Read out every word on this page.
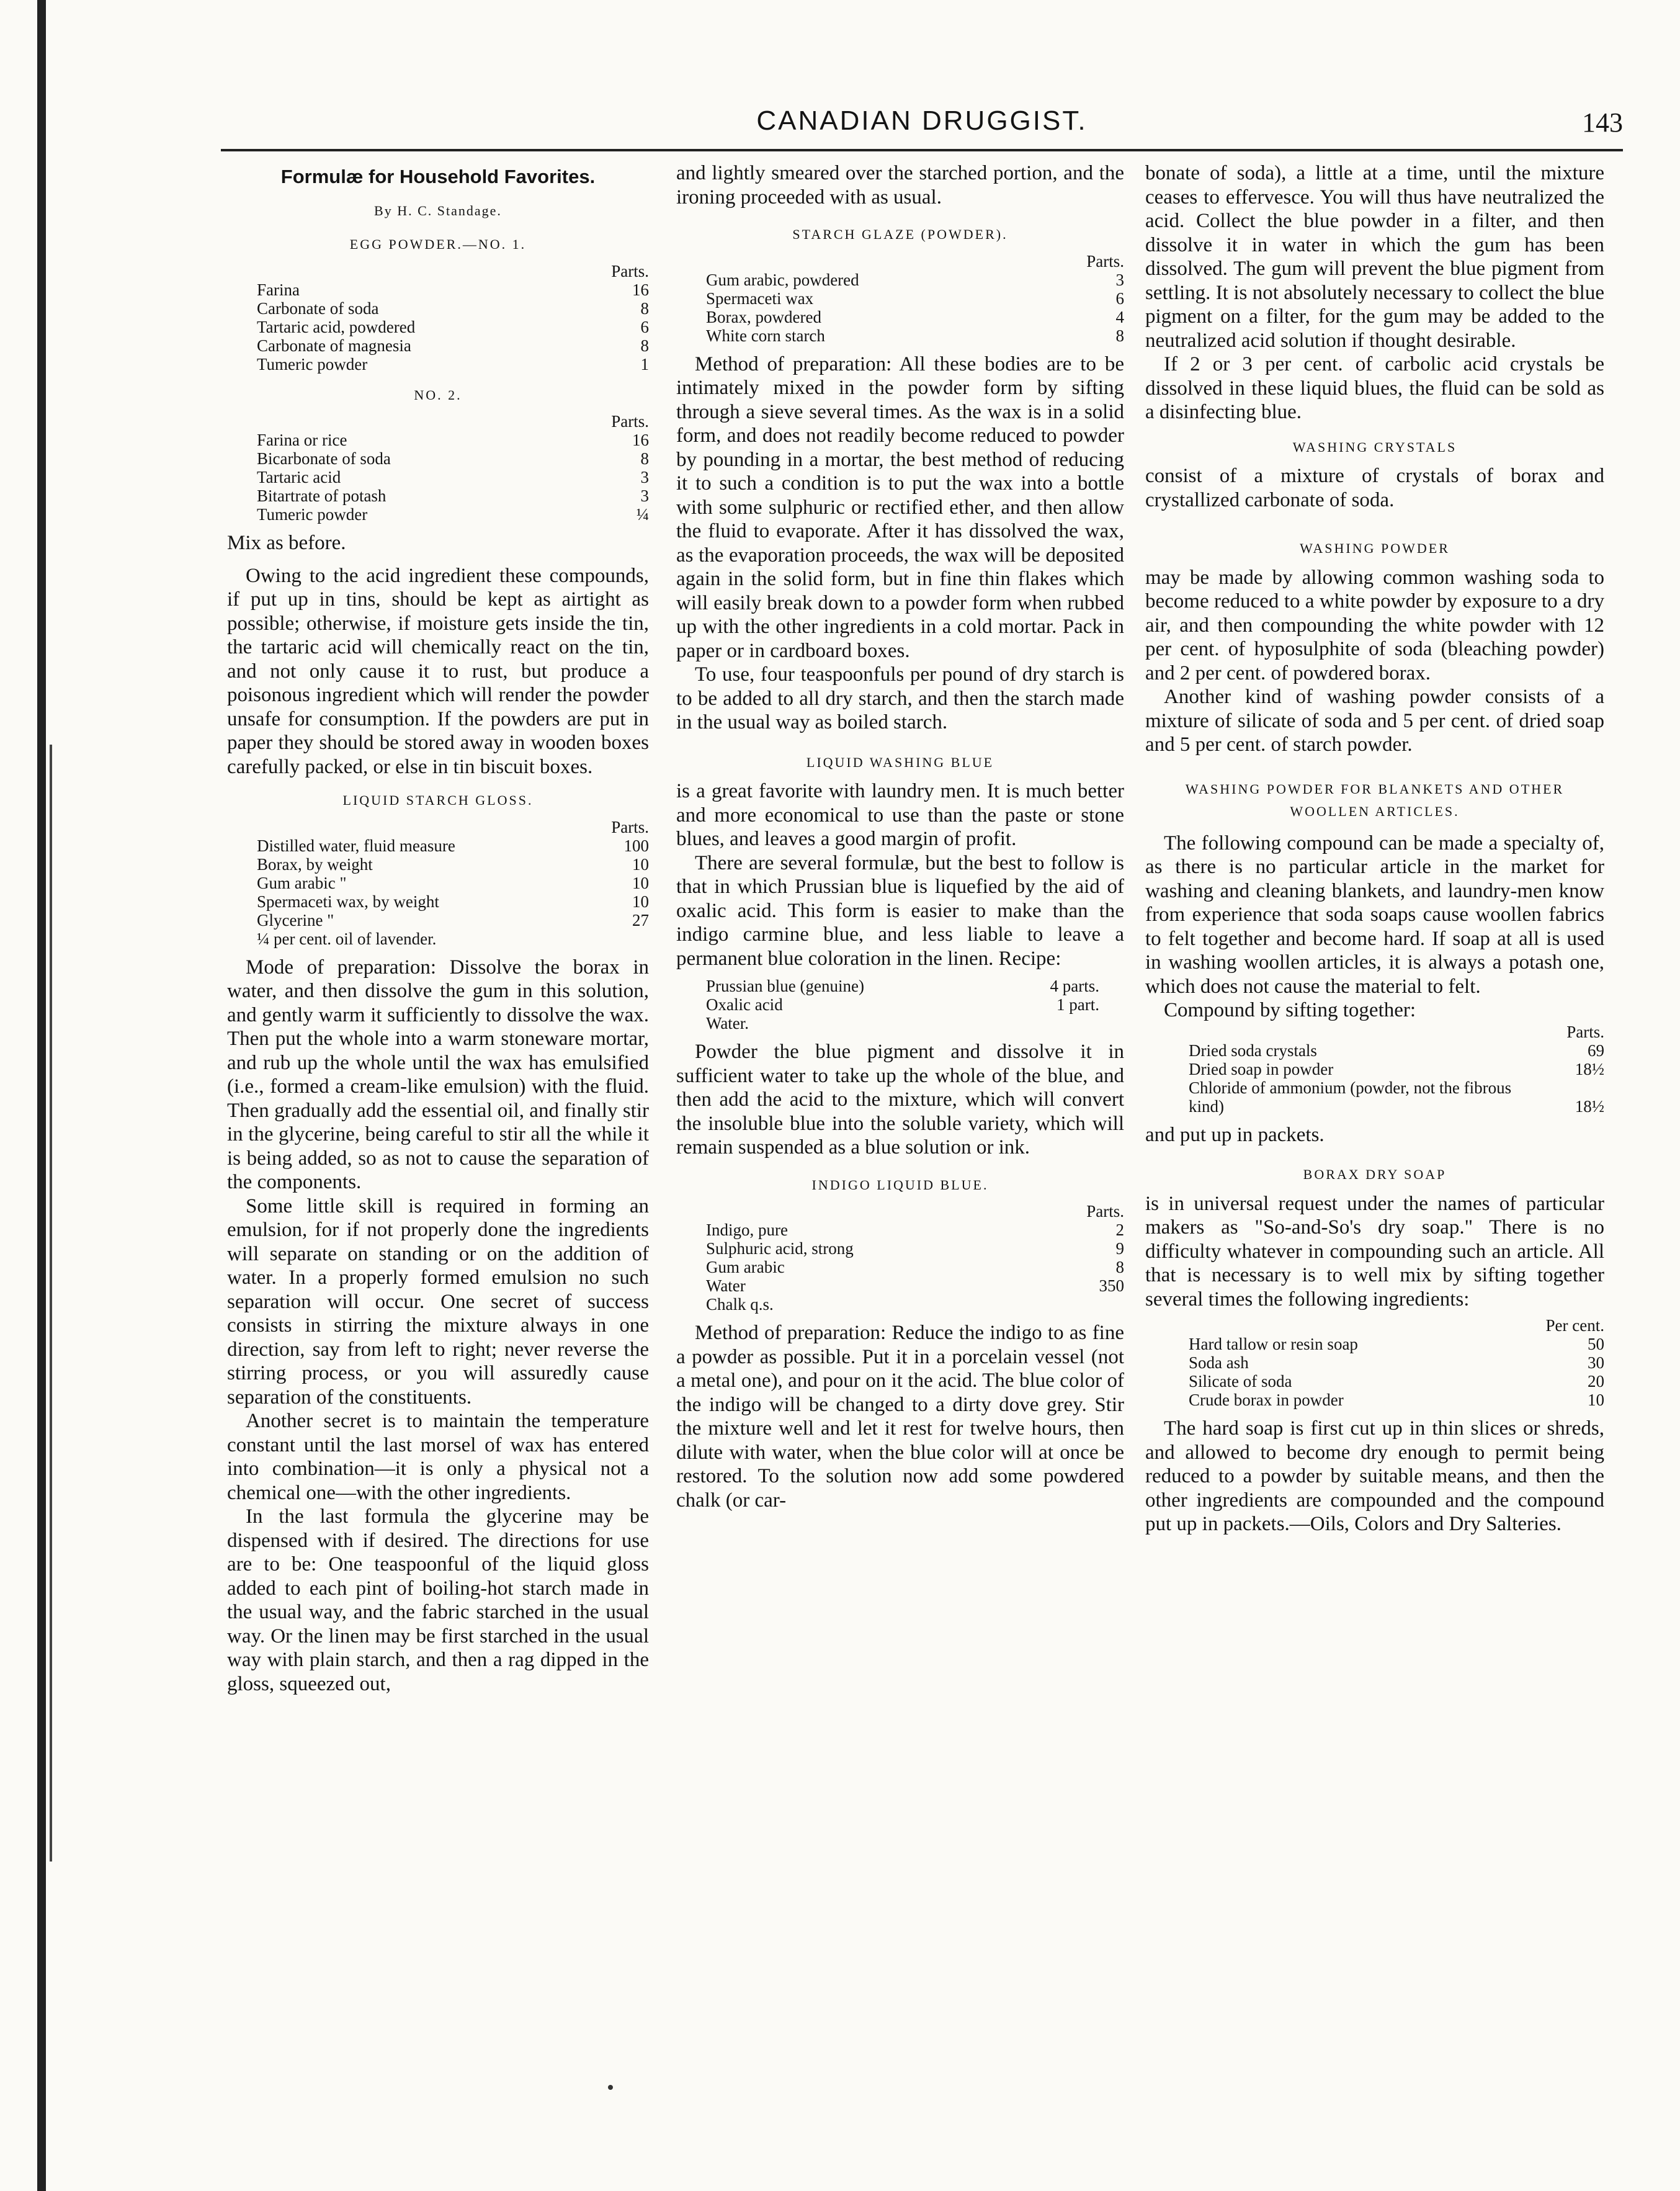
CANADIAN DRUGGIST.	143
Formulæ for Household Favorites.
By H. C. Standage.
EGG POWDER.—NO. 1.
Parts.
Farina	16
Carbonate of soda	8
Tartaric acid, powdered	6
Carbonate of magnesia	8
Tumeric powder	1
NO. 2.
Parts.
Farina or rice	16
Bicarbonate of soda	8
Tartaric acid	3
Bitartrate of potash	3
Tumeric powder	¼

Mix as before.

Owing to the acid ingredient these compounds, if put up in tins, should be kept as airtight as possible; otherwise, if moisture gets inside the tin, the tartaric acid will chemically react on the tin, and not only cause it to rust, but produce a poisonous ingredient which will render the powder unsafe for consumption. If the powders are put in paper they should be stored away in wooden boxes carefully packed, or else in tin biscuit boxes.

LIQUID STARCH GLOSS.
Parts.
Distilled water, fluid measure	100
Borax, by weight	10
Gum arabic "	10
Spermaceti wax, by weight	10
Glycerine "	27
¼ per cent. oil of lavender.

Mode of preparation: Dissolve the borax in water, and then dissolve the gum in this solution, and gently warm it sufficiently to dissolve the wax. Then put the whole into a warm stoneware mortar, and rub up the whole until the wax has emulsified (i.e., formed a cream-like emulsion) with the fluid. Then gradually add the essential oil, and finally stir in the glycerine, being careful to stir all the while it is being added, so as not to cause the separation of the components.

Some little skill is required in forming an emulsion, for if not properly done the ingredients will separate on standing or on the addition of water. In a properly formed emulsion no such separation will occur. One secret of success consists in stirring the mixture always in one direction, say from left to right; never reverse the stirring process, or you will assuredly cause separation of the constituents.

Another secret is to maintain the temperature constant until the last morsel of wax has entered into combination—it is only a physical not a chemical one—with the other ingredients.

In the last formula the glycerine may be dispensed with if desired. The directions for use are to be: One teaspoonful of the liquid gloss added to each pint of boiling-hot starch made in the usual way, and the fabric starched in the usual way. Or the linen may be first starched in the usual way with plain starch, and then a rag dipped in the gloss, squeezed out,

and lightly smeared over the starched portion, and the ironing proceeded with as usual.

STARCH GLAZE (POWDER).
Parts.
Gum arabic, powdered	3
Spermaceti wax	6
Borax, powdered	4
White corn starch	8

Method of preparation: All these bodies are to be intimately mixed in the powder form by sifting through a sieve several times. As the wax is in a solid form, and does not readily become reduced to powder by pounding in a mortar, the best method of reducing it to such a condition is to put the wax into a bottle with some sulphuric or rectified ether, and then allow the fluid to evaporate. After it has dissolved the wax, as the evaporation proceeds, the wax will be deposited again in the solid form, but in fine thin flakes which will easily break down to a powder form when rubbed up with the other ingredients in a cold mortar. Pack in paper or in cardboard boxes.

To use, four teaspoonfuls per pound of dry starch is to be added to all dry starch, and then the starch made in the usual way as boiled starch.

LIQUID WASHING BLUE

is a great favorite with laundry men. It is much better and more economical to use than the paste or stone blues, and leaves a good margin of profit.

There are several formulæ, but the best to follow is that in which Prussian blue is liquefied by the aid of oxalic acid. This form is easier to make than the indigo carmine blue, and less liable to leave a permanent blue coloration in the linen. Recipe:

Prussian blue (genuine)	4 parts.
Oxalic acid	1 part.
Water.

Powder the blue pigment and dissolve it in sufficient water to take up the whole of the blue, and then add the acid to the mixture, which will convert the insoluble blue into the soluble variety, which will remain suspended as a blue solution or ink.

INDIGO LIQUID BLUE.
Parts.
Indigo, pure	2
Sulphuric acid, strong	9
Gum arabic	8
Water	350
Chalk q.s.

Method of preparation: Reduce the indigo to as fine a powder as possible. Put it in a porcelain vessel (not a metal one), and pour on it the acid. The blue color of the indigo will be changed to a dirty dove grey. Stir the mixture well and let it rest for twelve hours, then dilute with water, when the blue color will at once be restored. To the solution now add some powdered chalk (or car-

bonate of soda), a little at a time, until the mixture ceases to effervesce. You will thus have neutralized the acid. Collect the blue powder in a filter, and then dissolve it in water in which the gum has been dissolved. The gum will prevent the blue pigment from settling. It is not absolutely necessary to collect the blue pigment on a filter, for the gum may be added to the neutralized acid solution if thought desirable.

If 2 or 3 per cent. of carbolic acid crystals be dissolved in these liquid blues, the fluid can be sold as a disinfecting blue.

WASHING CRYSTALS

consist of a mixture of crystals of borax and crystallized carbonate of soda.

WASHING POWDER

may be made by allowing common washing soda to become reduced to a white powder by exposure to a dry air, and then compounding the white powder with 12 per cent. of hyposulphite of soda (bleaching powder) and 2 per cent. of powdered borax.

Another kind of washing powder consists of a mixture of silicate of soda and 5 per cent. of dried soap and 5 per cent. of starch powder.

WASHING POWDER FOR BLANKETS AND OTHER WOOLLEN ARTICLES.

The following compound can be made a specialty of, as there is no particular article in the market for washing and cleaning blankets, and laundry-men know from experience that soda soaps cause woollen fabrics to felt together and become hard. If soap at all is used in washing woollen articles, it is always a potash one, which does not cause the material to felt.

Compound by sifting together:

Parts.
Dried soda crystals	69
Dried soap in powder	18½
Chloride of ammonium (powder, not the fibrous kind)	18½

and put up in packets.

BORAX DRY SOAP

is in universal request under the names of particular makers as "So-and-So's dry soap." There is no difficulty whatever in compounding such an article. All that is necessary is to well mix by sifting together several times the following ingredients:

Per cent.
Hard tallow or resin soap	50
Soda ash	30
Silicate of soda	20
Crude borax in powder	10

The hard soap is first cut up in thin slices or shreds, and allowed to become dry enough to permit being reduced to a powder by suitable means, and then the other ingredients are compounded and the compound put up in packets.—Oils, Colors and Dry Salteries.
